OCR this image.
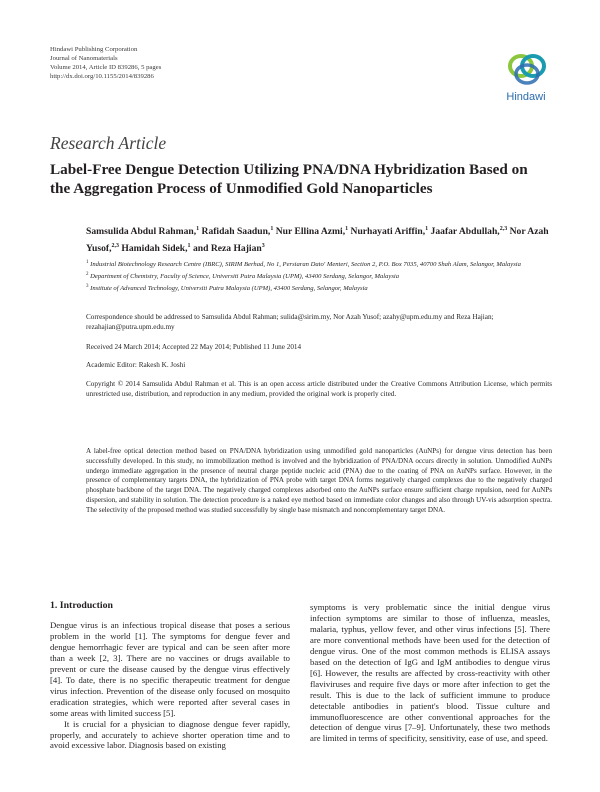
Hindawi Publishing Corporation
Journal of Nanomaterials
Volume 2014, Article ID 839286, 5 pages
http://dx.doi.org/10.1155/2014/839286
Hindawi
Research Article
Label-Free Dengue Detection Utilizing PNA/DNA Hybridization Based on the Aggregation Process of Unmodified Gold Nanoparticles
Samsulida Abdul Rahman,$^1$ Rafidah Saadun,$^1$ Nur Ellina Azmi,$^1$ Nurhayati Ariffin,$^1$ Jaafar Abdullah,$^{2,3}$ Nor Azah Yusof,$^{2,3}$ Hamidah Sidek,$^1$ and Reza Hajian$^3$
$^1$ Industrial Biotechnology Research Centre (IBRC), SIRIM Berhad, No 1, Persiaran Dato' Menteri, Section 2, P.O. Box 7035, 40700 Shah Alam, Selangor, Malaysia
$^2$ Department of Chemistry, Faculty of Science, Universiti Putra Malaysia (UPM), 43400 Serdang, Selangor, Malaysia
$^3$ Institute of Advanced Technology, Universiti Putra Malaysia (UPM), 43400 Serdang, Selangor, Malaysia
Correspondence should be addressed to Samsulida Abdul Rahman; sulida@sirim.my, Nor Azah Yusof; azahy@upm.edu.my and Reza Hajian; rezahajian@putra.upm.edu.my
Received 24 March 2014; Accepted 22 May 2014; Published 11 June 2014
Academic Editor: Rakesh K. Joshi
Copyright © 2014 Samsulida Abdul Rahman et al. This is an open access article distributed under the Creative Commons Attribution License, which permits unrestricted use, distribution, and reproduction in any medium, provided the original work is properly cited.
A label-free optical detection method based on PNA/DNA hybridization using unmodified gold nanoparticles (AuNPs) for dengue virus detection has been successfully developed. In this study, no immobilization method is involved and the hybridization of PNA/DNA occurs directly in solution. Unmodified AuNPs undergo immediate aggregation in the presence of neutral charge peptide nucleic acid (PNA) due to the coating of PNA on AuNPs surface. However, in the presence of complementary targets DNA, the hybridization of PNA probe with target DNA forms negatively charged complexes due to the negatively charged phosphate backbone of the target DNA. The negatively charged complexes adsorbed onto the AuNPs surface ensure sufficient charge repulsion, need for AuNPs dispersion, and stability in solution. The detection procedure is a naked eye method based on immediate color changes and also through UV-vis adsorption spectra. The selectivity of the proposed method was studied successfully by single base mismatch and noncomplementary target DNA.
1. Introduction

Dengue virus is an infectious tropical disease that poses a serious problem in the world [1]. The symptoms for dengue fever and dengue hemorrhagic fever are typical and can be seen after more than a week [2, 3]. There are no vaccines or drugs available to prevent or cure the disease caused by the dengue virus effectively [4]. To date, there is no specific therapeutic treatment for dengue virus infection. Prevention of the disease only focused on mosquito eradication strategies, which were reported after several cases in some areas with limited success [5].

It is crucial for a physician to diagnose dengue fever rapidly, properly, and accurately to achieve shorter operation time and to avoid excessive labor. Diagnosis based on existing

symptoms is very problematic since the initial dengue virus infection symptoms are similar to those of influenza, measles, malaria, typhus, yellow fever, and other virus infections [5]. There are more conventional methods have been used for the detection of dengue virus. One of the most common methods is ELISA assays based on the detection of IgG and IgM antibodies to dengue virus [6]. However, the results are affected by cross-reactivity with other flaviviruses and require five days or more after infection to get the result. This is due to the lack of sufficient immune to produce detectable antibodies in patient's blood. Tissue culture and immunofluorescence are other conventional approaches for the detection of dengue virus [7–9]. Unfortunately, these two methods are limited in terms of specificity, sensitivity, ease of use, and speed.
